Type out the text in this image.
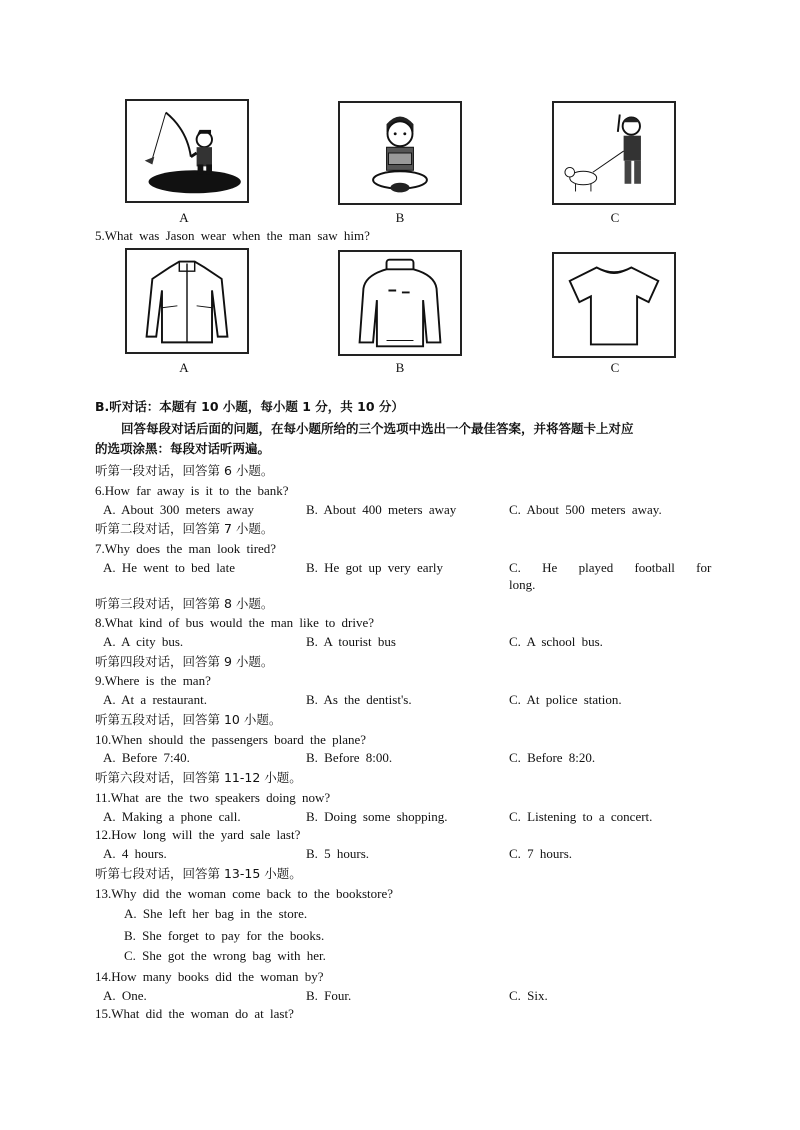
A	B	C
5.What was Jason wear when the man saw him?
A	B	C
B.听对话：本题有 10 小题，每小题 1 分，共 10 分）
回答每段对话后面的问题，在每小题所给的三个选项中选出一个最佳答案，并将答题卡上对应
的选项涂黑：每段对话听两遍。
听第一段对话，回答第 6 小题。
6.How far away is it to the bank?
A. About 300 meters away	B. About 400 meters away	C. About 500 meters away.
听第二段对话，回答第 7 小题。
7.Why does the man look tired?
A. He went to bed late	B. He got up very early	C. He played football for
long.
听第三段对话，回答第 8 小题。
8.What kind of bus would the man like to drive?
A. A city bus.	B. A tourist bus	C. A school bus.
听第四段对话，回答第 9 小题。
9.Where is the man?
A. At a restaurant.	B. As the dentist's.	C. At police station.
听第五段对话，回答第 10 小题。
10.When should the passengers board the plane?
A. Before 7:40.	B. Before 8:00.	C. Before 8:20.
听第六段对话，回答第 11-12 小题。
11.What are the two speakers doing now?
A. Making a phone call.	B. Doing some shopping.	C. Listening to a concert.
12.How long will the yard sale last?
A. 4 hours.	B. 5 hours.	C. 7 hours.
听第七段对话，回答第 13-15 小题。
13.Why did the woman come back to the bookstore?
A. She left her bag in the store.
B. She forget to pay for the books.
C. She got the wrong bag with her.
14.How many books did the woman by?
A. One.	B. Four.	C. Six.
15.What did the woman do at last?
